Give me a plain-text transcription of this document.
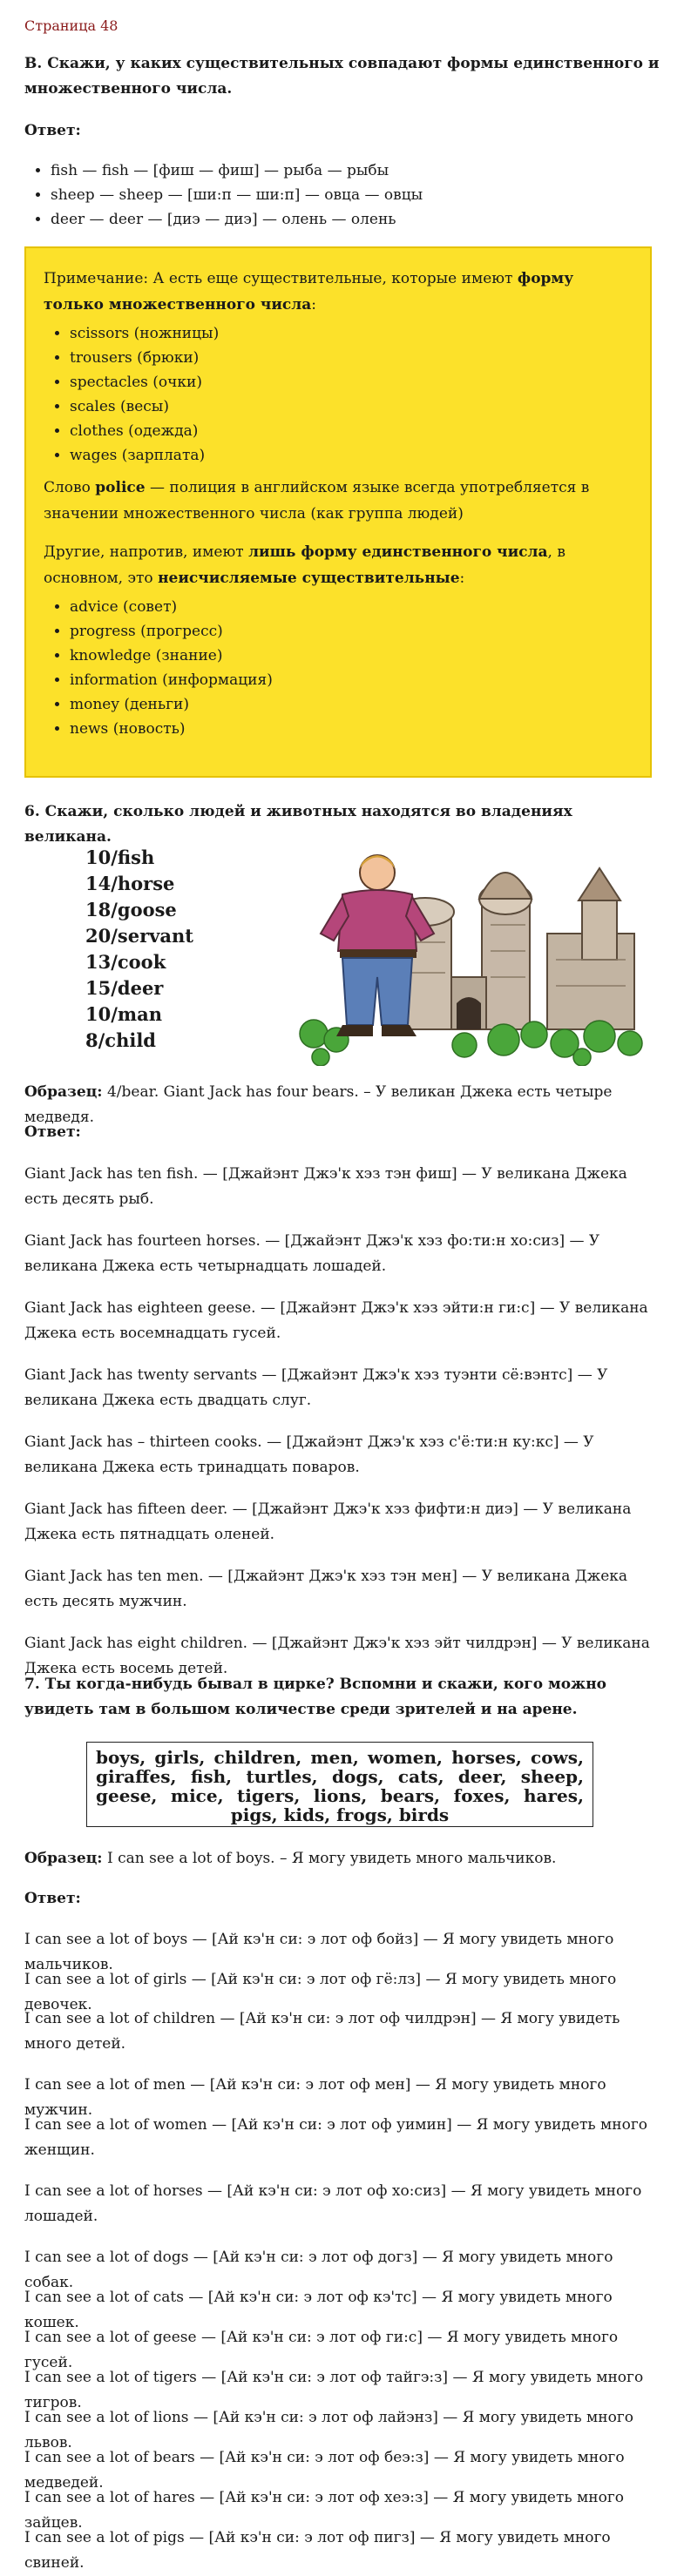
Страница 48

B. Скажи, у каких существительных совпадают формы единственного и множественного числа.

Ответ:
• fish — fish — [фиш — фиш] — рыба — рыбы
• sheep — sheep — [ши:п — ши:п] — овца — овцы
• deer — deer — [диэ — диэ] — олень — олень

Примечание: А есть еще существительные, которые имеют форму только множественного числа:

• scissors (ножницы)
• trousers (брюки)
• spectacles (очки)
• scales (весы)
• clothes (одежда)
• wages (зарплата)

Слово police — полиция в английском языке всегда употребляется в значении множественного числа (как группа людей)

Другие, напротив, имеют лишь форму единственного числа, в основном, это неисчисляемые существительные:

• advice (совет)
• progress (прогресс)
• knowledge (знание)
• information (информация)
• money (деньги)
• news (новость)

6. Скажи, сколько людей и животных находятся во владениях великана.

10/fish
14/horse
18/goose
20/servant
13/cook
15/deer
10/man
8/child

Образец: 4/bear. Giant Jack has four bears. – У великан Джека есть четыре медведя.

Ответ:

Giant Jack has ten fish. — [Джайэнт Джэ'к хэз тэн фиш] — У великана Джека есть десять рыб.

Giant Jack has fourteen horses. — [Джайэнт Джэ'к хэз фо:ти:н хо:сиз] — У великана Джека есть четырнадцать лошадей.

Giant Jack has eighteen geese. — [Джайэнт Джэ'к хэз эйти:н ги:с] — У великана Джека есть восемнадцать гусей.

Giant Jack has twenty servants — [Джайэнт Джэ'к хэз туэнти сё:вэнтс] — У великана Джека есть двадцать слуг.

Giant Jack has – thirteen cooks. — [Джайэнт Джэ'к хэз с'ё:ти:н ку:кс] — У великана Джека есть тринадцать поваров.

Giant Jack has fifteen deer. — [Джайэнт Джэ'к хэз фифти:н диэ] — У великана Джека есть пятнадцать оленей.

Giant Jack has ten men. — [Джайэнт Джэ'к хэз тэн мен] — У великана Джека есть десять мужчин.

Giant Jack has eight children. — [Джайэнт Джэ'к хэз эйт чилдрэн] — У великана Джека есть восемь детей.

7. Ты когда-нибудь бывал в цирке? Вспомни и скажи, кого можно увидеть там в большом количестве среди зрителей и на арене.

boys, girls, children, men, women, horses, cows, giraffes, fish, turtles, dogs, cats, deer, sheep, geese, mice, tigers, lions, bears, foxes, hares, pigs, kids, frogs, birds

Образец: I can see a lot of boys. – Я могу увидеть много мальчиков.

Ответ:

I can see a lot of boys — [Ай кэ'н си: э лот оф бойз] — Я могу увидеть много мальчиков.

I can see a lot of girls — [Ай кэ'н си: э лот оф гё:лз] — Я могу увидеть много девочек.

I can see a lot of children — [Ай кэ'н си: э лот оф чилдрэн] — Я могу увидеть много детей.

I can see a lot of men — [Ай кэ'н си: э лот оф мен] — Я могу увидеть много мужчин.

I can see a lot of women — [Ай кэ'н си: э лот оф уимин] — Я могу увидеть много женщин.

I can see a lot of horses — [Ай кэ'н си: э лот оф хо:сиз] — Я могу увидеть много лошадей.

I can see a lot of dogs — [Ай кэ'н си: э лот оф догз] — Я могу увидеть много собак.

I can see a lot of cats — [Ай кэ'н си: э лот оф кэ'тс] — Я могу увидеть много кошек.

I can see a lot of geese — [Ай кэ'н си: э лот оф ги:с] — Я могу увидеть много гусей.

I can see a lot of tigers — [Ай кэ'н си: э лот оф тайгэ:з] — Я могу увидеть много тигров.

I can see a lot of lions — [Ай кэ'н си: э лот оф лайэнз] — Я могу увидеть много львов.

I can see a lot of bears — [Ай кэ'н си: э лот оф беэ:з] — Я могу увидеть много медведей.

I can see a lot of hares — [Ай кэ'н си: э лот оф хеэ:з] — Я могу увидеть много зайцев.

I can see a lot of pigs — [Ай кэ'н си: э лот оф пигз] — Я могу увидеть много свиней.
